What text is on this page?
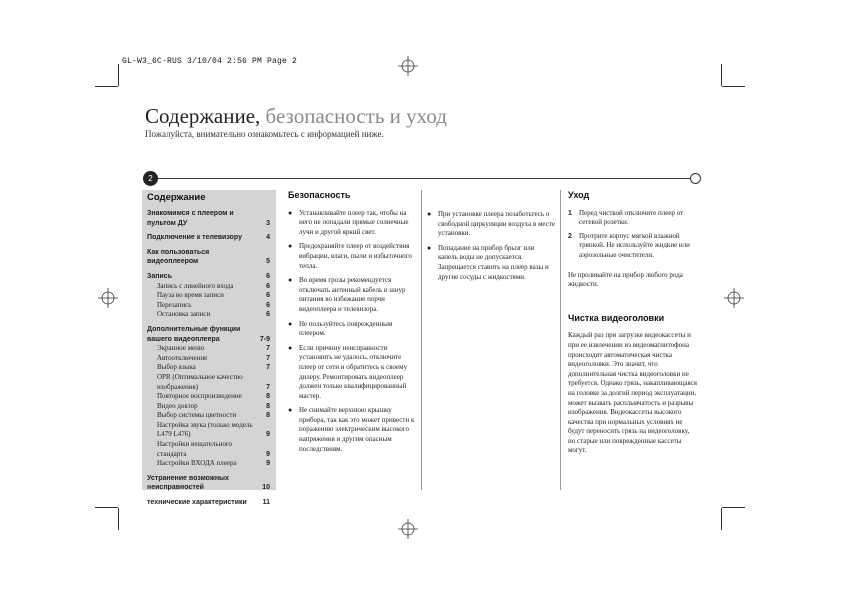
GL-W3_6C-RUS 3/10/04 2:56 PM Page 2
Содержание, безопасность и уход
Пожалуйста, внимательно ознакомьтесь с информацией ниже.
2
Содержание
Знакомимся с плеером и пультом ДУ	3
Подключение к телевизору	4
Как пользоваться видеоплеером	5
Запись	6
Запись с линейного входа	6
Пауза во время записи	6
Перезапись	6
Остановка записи	6
Дополнительные функции вашего видеоплеера	7-9
Экранное меню	7
Автоотключение	7
Выбор языка	7
OPR (Оптимальное качество изображения)	7
Повторное воспроизведение	8
Видео доктор	8
Выбор системы цветности	8
Настройка звука (только модель L479 L476)	9
Настройки вещательного стандарта	9
Настройки ВХОДА плеера	9
Устранение возможных неисправностей	10
технические характеристики 11
Безопасность
● Устанавливайте плеер так, чтобы на него не попадали прямые солнечные лучи и другой яркий свет.
● Предохраняйте плеер от воздействия вибрации, влаги, пыли и избыточного тепла.
● Во время грозы рекомендуется отключать антенный кабель и шнур питания во избежание порчи видеоплеера и телевизора.
● Не пользуйтесь поврежденным плеером.
● Если причину неисправности установить не удалось, отключите плеер от сети и обратитесь к своему дилеру. Ремонтировать видеоплеер должен только квалифицированный мастер.
● Не снимайте верхнюю крышку прибора, так как это может привести к поражению электрическим высокого напряжения и другим опасным последствиям.
● При установке плеера позаботьтесь о свободной циркуляции воздуха в месте установки.
● Попадание на прибор брызг или капель воды не допускается. Запрещается ставить на плеер вазы и другие сосуды с жидкостями.
Уход
1 Перед чисткой отключите плеер от сетевой розетки.
2 Протрите корпус мягкой влажной тряпкой. Не используйте жидкие или аэрозольные очистители.

Не проливайте на прибор любого рода жидкости.

Чистка видеоголовки

Каждый раз при загрузке видеокассеты и при ее извлечении из видеомагнитофона происходит автоматическая чистка видеоголовки. Это значит, что дополнительная чистка видеоголовки не требуется. Однако грязь, накапливающаяся на головке за долгий период эксплуатации, может вызвать расплывчатость и разрывы изображения. Видеокассеты высокого качества при нормальных условиях не будут переносить грязь на видеоголовку, но старые или поврежденные кассеты могут.
